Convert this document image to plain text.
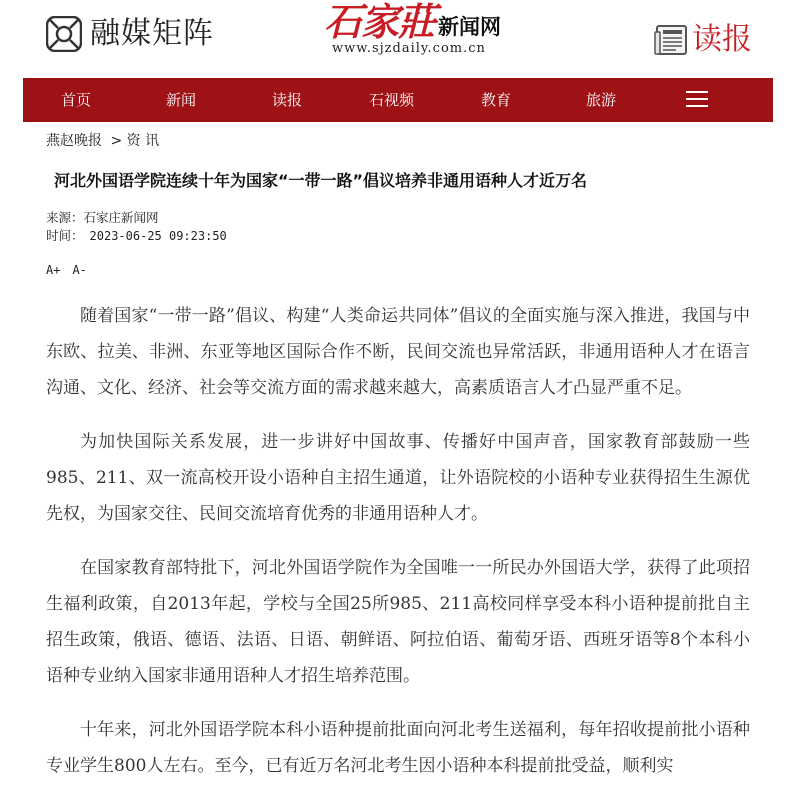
融媒矩阵	石家莊 新闻网
www.sjzdaily.com.cn	读报
首页	新闻	读报	石视频	教育	旅游
燕赵晚报 > 资 讯
河北外国语学院连续十年为国家“一带一路”倡议培养非通用语种人才近万名
来源：石家庄新闻网
时间： 2023-06-25 09:23:50
A+ A-

随着国家“一带一路”倡议、构建“人类命运共同体”倡议的全面实施与深入推进，我国与中东欧、拉美、非洲、东亚等地区国际合作不断，民间交流也异常活跃，非通用语种人才在语言沟通、文化、经济、社会等交流方面的需求越来越大，高素质语言人才凸显严重不足。

为加快国际关系发展，进一步讲好中国故事、传播好中国声音，国家教育部鼓励一些985、211、双一流高校开设小语种自主招生通道，让外语院校的小语种专业获得招生生源优先权，为国家交往、民间交流培育优秀的非通用语种人才。

在国家教育部特批下，河北外国语学院作为全国唯一一所民办外国语大学，获得了此项招生福利政策，自2013年起，学校与全国25所985、211高校同样享受本科小语种提前批自主招生政策，俄语、德语、法语、日语、朝鲜语、阿拉伯语、葡萄牙语、西班牙语等8个本科小语种专业纳入国家非通用语种人才招生培养范围。

十年来，河北外国语学院本科小语种提前批面向河北考生送福利，每年招收提前批小语种专业学生800人左右。至今，已有近万名河北考生因小语种本科提前批受益，顺利实
